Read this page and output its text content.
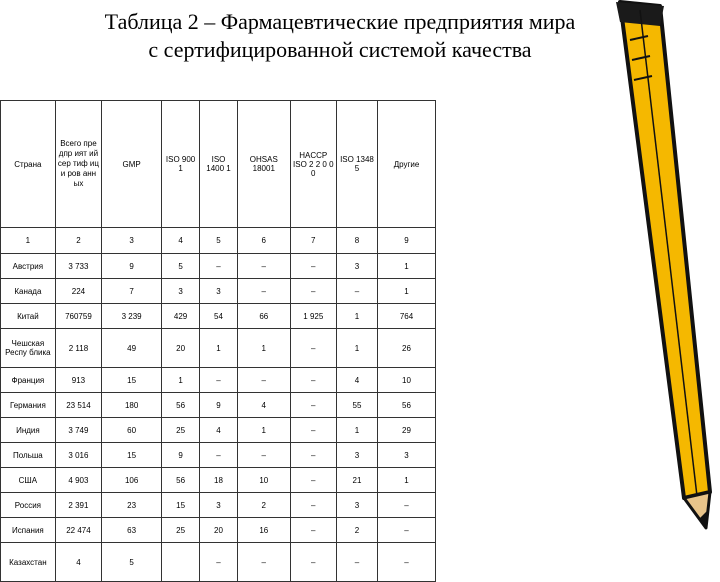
Таблица 2 – Фармацевтические предприятия мира
с сертифицированной системой качества
Страна	Всего пре дпр ият ий сер тиф ици ров анн ых	GMP	ISO 900 1	ISO 1400 1	OHSAS 18001	HACCP ISO 2 2 0 0 0	ISO 1348 5	Другие
1	2	3	4	5	6	7	8	9
Австрия	3 733	9	5	–	–	–	3	1
Канада	224	7	3	3	–	–	–	1
Китай	760759	3 239	429	54	66	1 925	1	764
Чешская Респу блика	2 118	49	20	1	1	–	1	26
Франция	913	15	1	–	–	–	4	10
Германия	23 514	180	56	9	4	–	55	56
Индия	3 749	60	25	4	1	–	1	29
Польша	3 016	15	9	–	–	–	3	3
США	4 903	106	56	18	10	–	21	1
Россия	2 391	23	15	3	2	–	3	–
Испания	22 474	63	25	20	16	–	2	–
Казахстан	4	5		–	–	–	–	–
